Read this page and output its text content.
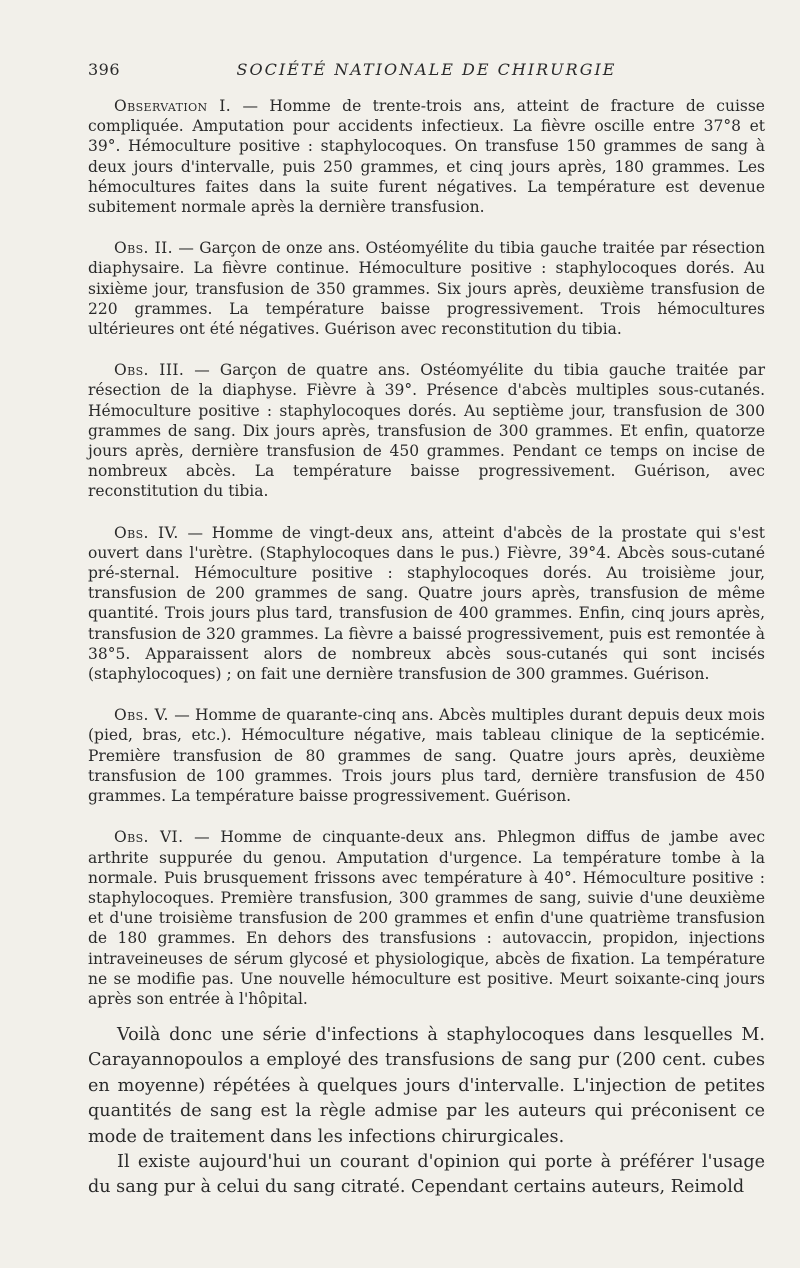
396	SOCIÉTÉ NATIONALE DE CHIRURGIE

Observation I. — Homme de trente-trois ans, atteint de fracture de cuisse compliquée. Amputation pour accidents infectieux. La fièvre oscille entre 37°8 et 39°. Hémoculture positive : staphylocoques. On transfuse 150 grammes de sang à deux jours d'intervalle, puis 250 grammes, et cinq jours après, 180 grammes. Les hémocultures faites dans la suite furent négatives. La température est devenue subitement normale après la dernière transfusion.

Obs. II. — Garçon de onze ans. Ostéomyélite du tibia gauche traitée par résection diaphysaire. La fièvre continue. Hémoculture positive : staphylocoques dorés. Au sixième jour, transfusion de 350 grammes. Six jours après, deuxième transfusion de 220 grammes. La température baisse progressivement. Trois hémocultures ultérieures ont été négatives. Guérison avec reconstitution du tibia.

Obs. III. — Garçon de quatre ans. Ostéomyélite du tibia gauche traitée par résection de la diaphyse. Fièvre à 39°. Présence d'abcès multiples sous-cutanés. Hémoculture positive : staphylocoques dorés. Au septième jour, transfusion de 300 grammes de sang. Dix jours après, transfusion de 300 grammes. Et enfin, quatorze jours après, dernière transfusion de 450 grammes. Pendant ce temps on incise de nombreux abcès. La température baisse progressivement. Guérison, avec reconstitution du tibia.

Obs. IV. — Homme de vingt-deux ans, atteint d'abcès de la prostate qui s'est ouvert dans l'urètre. (Staphylocoques dans le pus.) Fièvre, 39°4. Abcès sous-cutané pré-sternal. Hémoculture positive : staphylocoques dorés. Au troisième jour, transfusion de 200 grammes de sang. Quatre jours après, transfusion de même quantité. Trois jours plus tard, transfusion de 400 grammes. Enfin, cinq jours après, transfusion de 320 grammes. La fièvre a baissé progressivement, puis est remontée à 38°5. Apparaissent alors de nombreux abcès sous-cutanés qui sont incisés (staphylocoques) ; on fait une dernière transfusion de 300 grammes. Guérison.

Obs. V. — Homme de quarante-cinq ans. Abcès multiples durant depuis deux mois (pied, bras, etc.). Hémoculture négative, mais tableau clinique de la septicémie. Première transfusion de 80 grammes de sang. Quatre jours après, deuxième transfusion de 100 grammes. Trois jours plus tard, dernière transfusion de 450 grammes. La température baisse progressivement. Guérison.

Obs. VI. — Homme de cinquante-deux ans. Phlegmon diffus de jambe avec arthrite suppurée du genou. Amputation d'urgence. La température tombe à la normale. Puis brusquement frissons avec température à 40°. Hémoculture positive : staphylocoques. Première transfusion, 300 grammes de sang, suivie d'une deuxième et d'une troisième transfusion de 200 grammes et enfin d'une quatrième transfusion de 180 grammes. En dehors des transfusions : autovaccin, propidon, injections intraveineuses de sérum glycosé et physiologique, abcès de fixation. La température ne se modifie pas. Une nouvelle hémoculture est positive. Meurt soixante-cinq jours après son entrée à l'hôpital.

Voilà donc une série d'infections à staphylocoques dans lesquelles M. Carayannopoulos a employé des transfusions de sang pur (200 cent. cubes en moyenne) répétées à quelques jours d'intervalle. L'injection de petites quantités de sang est la règle admise par les auteurs qui préconisent ce mode de traitement dans les infections chirurgicales.

Il existe aujourd'hui un courant d'opinion qui porte à préférer l'usage du sang pur à celui du sang citraté. Cependant certains auteurs, Reimold
